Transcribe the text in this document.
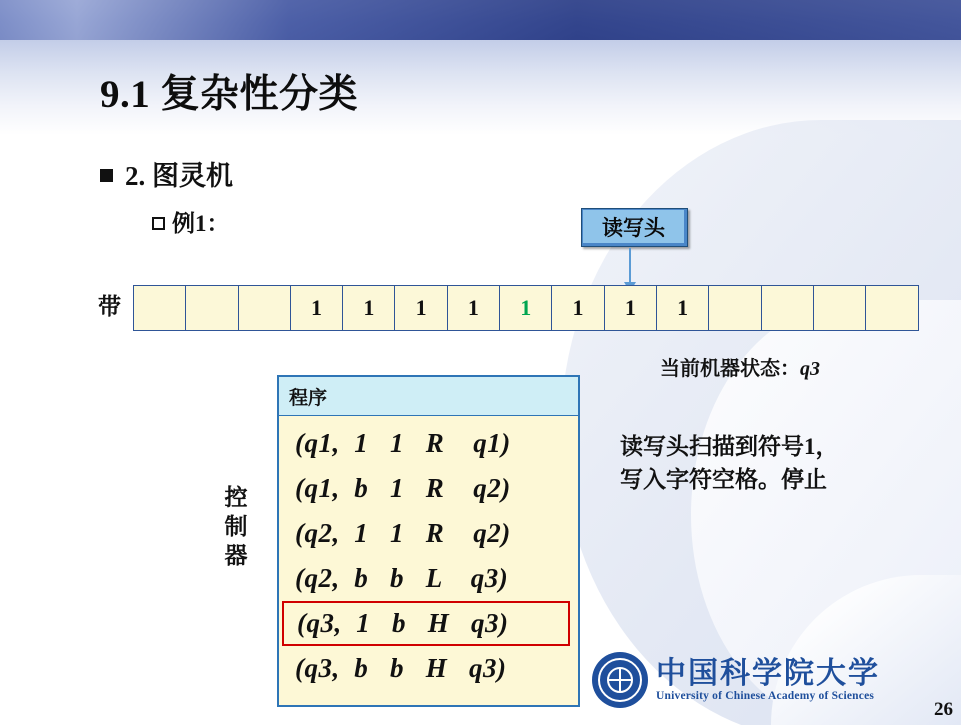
9.1 复杂性分类
2. 图灵机
例1：	读写头
带	1	1	1	1	1	1	1	1
当前机器状态：q3
控制器
程序
(q1,  1   1   R    q1)
(q1,  b   1   R    q2)
(q2,  1   1   R    q2)
(q2,  b   b   L    q3)
(q3,  1   b   H   q3)
(q3,  b   b   H   q3)
读写头扫描到符号1，
写入字符空格。停止
中国科学院大学
University of Chinese Academy of Sciences
26
